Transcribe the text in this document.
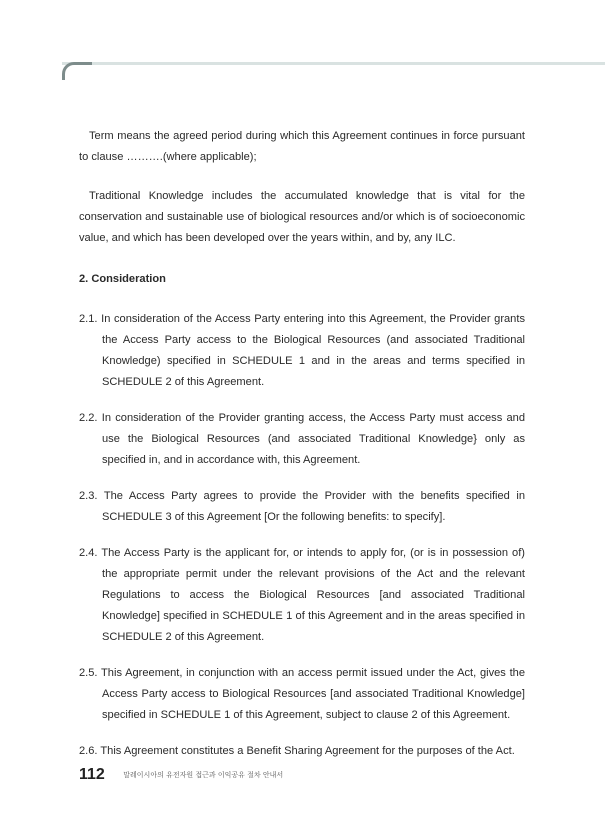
Term means the agreed period during which this Agreement continues in force pursuant to clause ……….(where applicable);

Traditional Knowledge includes the accumulated knowledge that is vital for the conservation and sustainable use of biological resources and/or which is of socioeconomic value, and which has been developed over the years within, and by, any ILC.

2. Consideration

2.1. In consideration of the Access Party entering into this Agreement, the Provider grants the Access Party access to the Biological Resources (and associated Traditional Knowledge) specified in SCHEDULE 1 and in the areas and terms specified in SCHEDULE 2 of this Agreement.

2.2. In consideration of the Provider granting access, the Access Party must access and use the Biological Resources (and associated Traditional Knowledge} only as specified in, and in accordance with, this Agreement.

2.3. The Access Party agrees to provide the Provider with the benefits specified in SCHEDULE 3 of this Agreement [Or the following benefits: to specify].

2.4. The Access Party is the applicant for, or intends to apply for, (or is in possession of) the appropriate permit under the relevant provisions of the Act and the relevant Regulations to access the Biological Resources [and associated Traditional Knowledge] specified in SCHEDULE 1 of this Agreement and in the areas specified in SCHEDULE 2 of this Agreement.

2.5. This Agreement, in conjunction with an access permit issued under the Act, gives the Access Party access to Biological Resources [and associated Traditional Knowledge] specified in SCHEDULE 1 of this Agreement, subject to clause 2 of this Agreement.

2.6. This Agreement constitutes a Benefit Sharing Agreement for the purposes of the Act.

112	말레이시아의 유전자원 접근과 이익공유 절차 안내서
